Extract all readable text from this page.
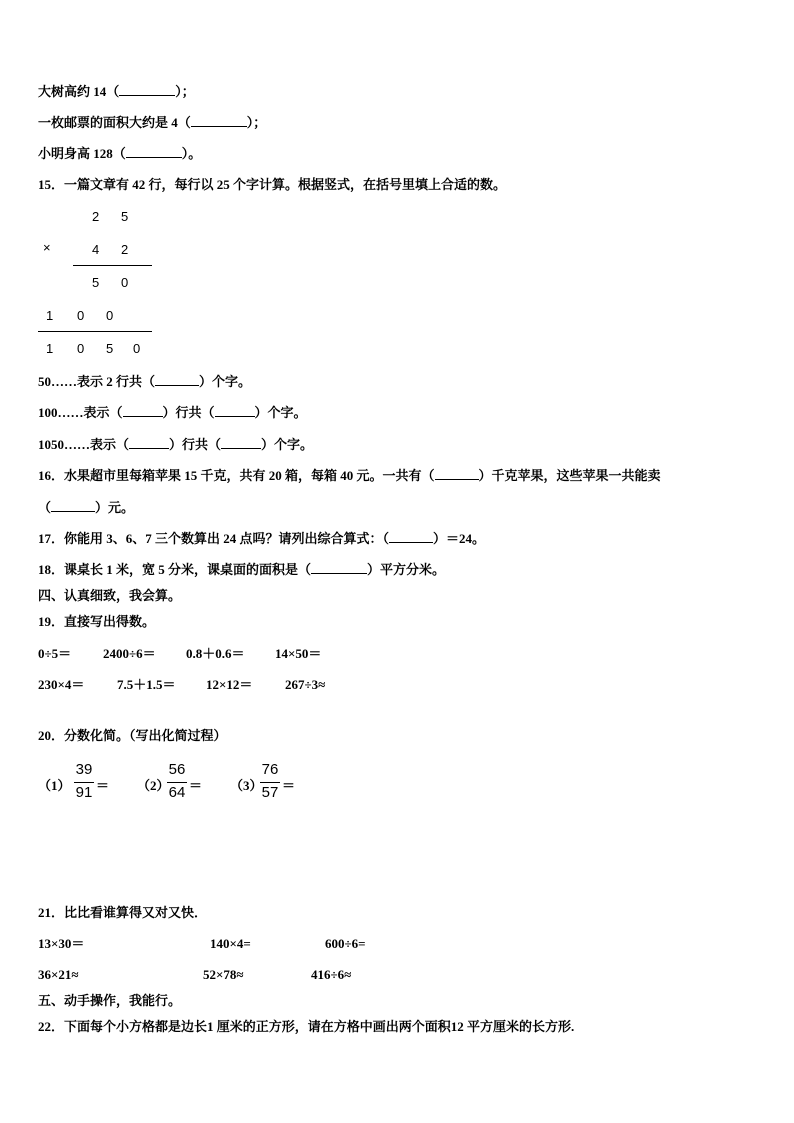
大树高约 14（	）；
一枚邮票的面积大约是 4（	）；
小明身高 128（	）。
15．一篇文章有 42 行，每行以 25 个字计算。根据竖式，在括号里填上合适的数。
2 5
×	4 2
5 0
1 0 0
1 0 5 0
50……表示 2 行共（	）个字。
100……表示（	）行共（	）个字。
1050……表示（	）行共（	）个字。
16．水果超市里每箱苹果 15 千克，共有 20 箱，每箱 40 元。一共有（	）千克苹果，这些苹果一共能卖
（	）元。
17．你能用 3、6、7 三个数算出 24 点吗？请列出综合算式：（	）＝24。
18．课桌长 1 米，宽 5 分米，课桌面的面积是（	）平方分米。
四、认真细致，我会算。
19．直接写出得数。
0÷5＝ 2400÷6＝ 0.8＋0.6＝ 14×50＝
230×4＝	7.5＋1.5＝ 12×12＝	267÷3≈
20．分数化简。（写出化简过程）
（1）
39
91 ＝ （2）
56
64 ＝ （3）
76
57 ＝
21．比比看谁算得又对又快．
13×30＝	140×4=	600÷6=
36×21≈	52×78≈	416÷6≈
五、动手操作，我能行。
22．下面每个小方格都是边长1 厘米的正方形，请在方格中画出两个面积12 平方厘米的长方形.
